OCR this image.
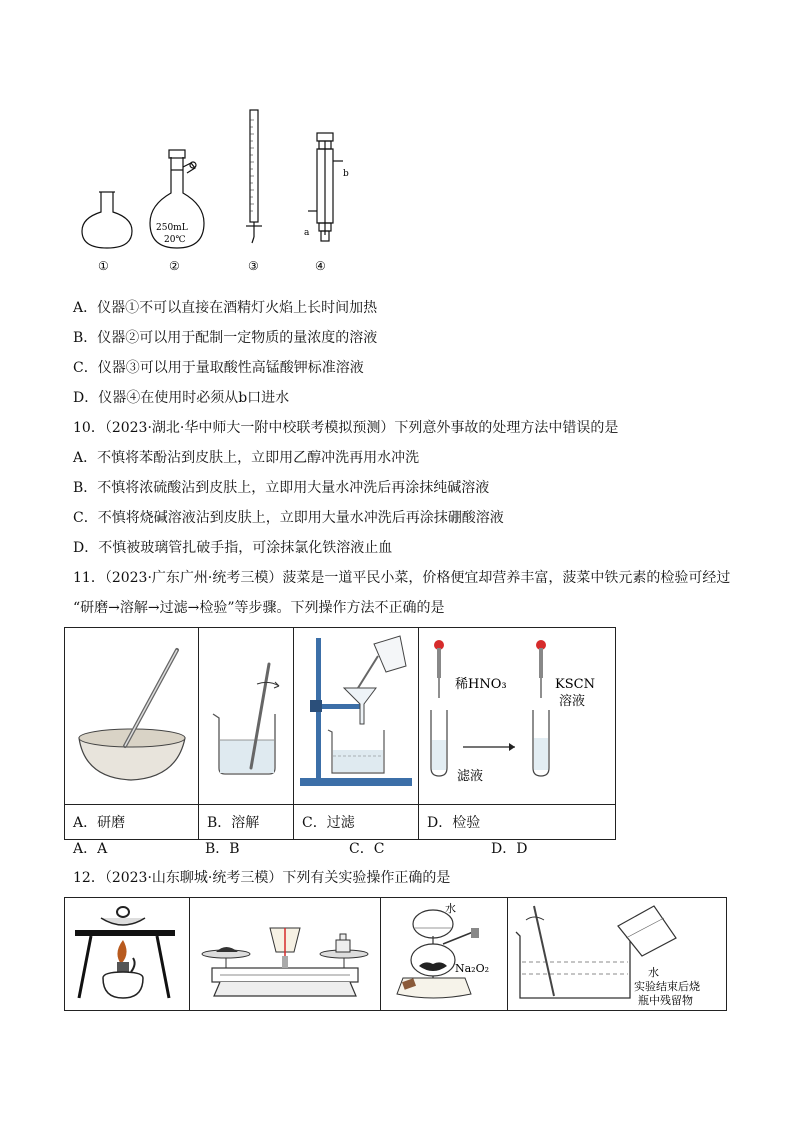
250mL
20℃
b
a
①	②	③	④
A．仪器①不可以直接在酒精灯火焰上长时间加热
B．仪器②可以用于配制一定物质的量浓度的溶液
C．仪器③可以用于量取酸性高锰酸钾标准溶液
D．仪器④在使用时必须从b口进水
10．（2023·湖北·华中师大一附中校联考模拟预测）下列意外事故的处理方法中错误的是
A．不慎将苯酚沾到皮肤上，立即用乙醇冲洗再用水冲洗
B．不慎将浓硫酸沾到皮肤上，立即用大量水冲洗后再涂抹纯碱溶液
C．不慎将烧碱溶液沾到皮肤上，立即用大量水冲洗后再涂抹硼酸溶液
D．不慎被玻璃管扎破手指，可涂抹氯化铁溶液止血
11．（2023·广东广州·统考三模）菠菜是一道平民小菜，价格便宜却营养丰富，菠菜中铁元素的检验可经过
“研磨→溶解→过滤→检验”等步骤。下列操作方法不正确的是

稀HNO₃ KSCN
溶液
滤液

A．研磨	B．溶解	C．过滤	D．检验
A．A	B．B	C．C	D．D
12．（2023·山东聊城·统考三模）下列有关实验操作正确的是

水
Na₂O₂	水
实验结束后烧
瓶中残留物
